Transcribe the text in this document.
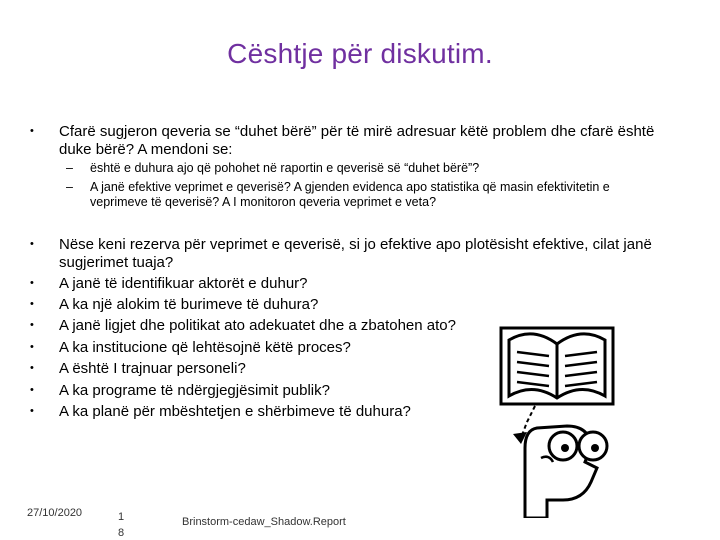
Cështje për diskutim.
•	Cfarë sugjeron qeveria se “duhet bërë” për të mirë adresuar këtë problem dhe cfarë është duke bërë? A mendoni se:
– është e duhura ajo që pohohet në raportin e qeverisë së “duhet bërë”?
– A janë efektive veprimet e qeverisë? A gjenden evidenca apo statistika që masin efektivitetin e veprimeve të qeverisë? A I monitoron qeveria veprimet e veta?
•	Nëse keni rezerva për veprimet e qeverisë, si jo efektive apo plotësisht efektive, cilat janë sugjerimet tuaja?
•	A janë të identifikuar aktorët e duhur?
•	A ka një alokim të burimeve të duhura?
•	A janë ligjet dhe politikat ato adekuatet dhe a zbatohen ato?
•	A ka institucione që lehtësojnë këtë proces?
•	A është I trajnuar personeli?
•	A ka programe të ndërgjegjësimit publik?
•	A ka planë për mbështetjen e shërbimeve të duhura?
27/10/2020	1
8
Brinstorm-cedaw_Shadow.Report
